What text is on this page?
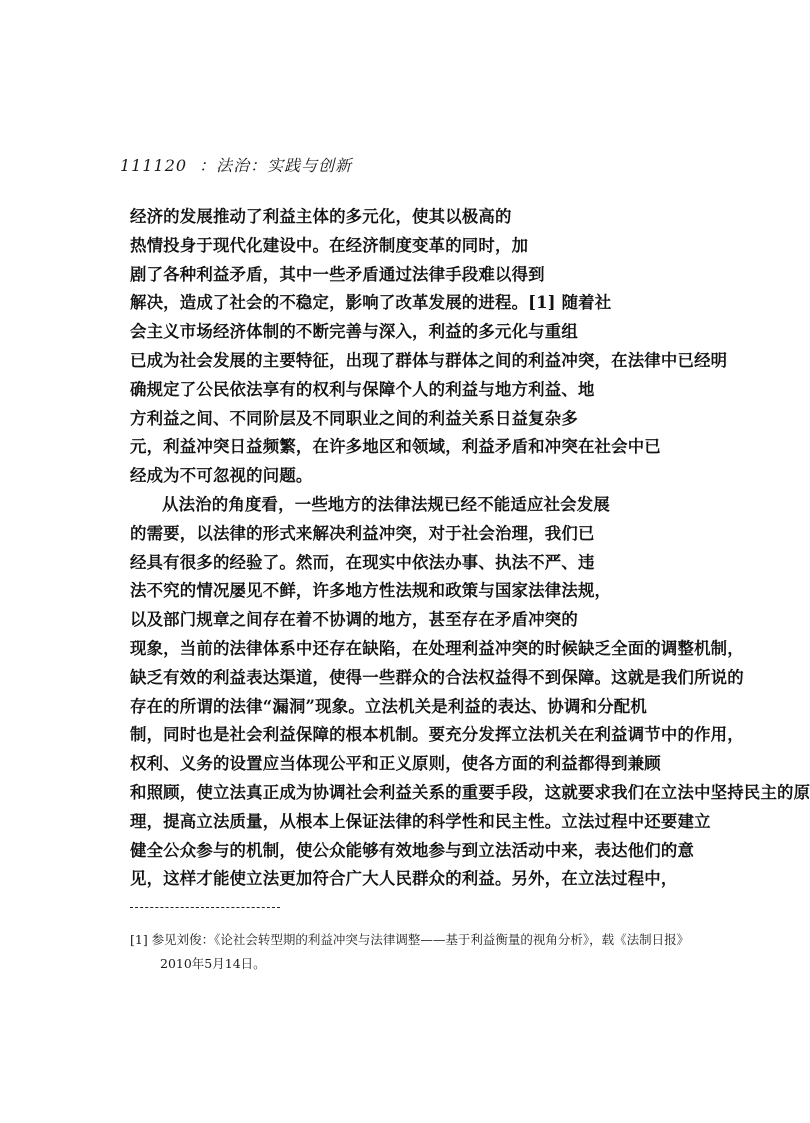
111120 ：法治：实践与创新
经济的发展推动了利益主体的多元化，使其以极高的
热情投身于现代化建设中。在经济制度变革的同时，加
剧了各种利益矛盾，其中一些矛盾通过法律手段难以得到
解决，造成了社会的不稳定，影响了改革发展的进程。[1] 随着社
会主义市场经济体制的不断完善与深入，利益的多元化与重组
已成为社会发展的主要特征，出现了群体与群体之间的利益冲突，在法律中已经明
确规定了公民依法享有的权利与保障个人的利益与地方利益、地
方利益之间、不同阶层及不同职业之间的利益关系日益复杂多
元，利益冲突日益频繁，在许多地区和领域，利益矛盾和冲突在社会中已
经成为不可忽视的问题。
从法治的角度看，一些地方的法律法规已经不能适应社会发展
的需要，以法律的形式来解决利益冲突，对于社会治理，我们已
经具有很多的经验了。然而，在现实中依法办事、执法不严、违
法不究的情况屡见不鲜，许多地方性法规和政策与国家法律法规，
以及部门规章之间存在着不协调的地方，甚至存在矛盾冲突的
现象，当前的法律体系中还存在缺陷，在处理利益冲突的时候缺乏全面的调整机制，
缺乏有效的利益表达渠道，使得一些群众的合法权益得不到保障。这就是我们所说的
存在的所谓的法律“漏洞”现象。立法机关是利益的表达、协调和分配机
制，同时也是社会利益保障的根本机制。要充分发挥立法机关在利益调节中的作用，
权利、义务的设置应当体现公平和正义原则，使各方面的利益都得到兼顾
和照顾，使立法真正成为协调社会利益关系的重要手段，这就要求我们在立法中坚持民主的原
理，提高立法质量，从根本上保证法律的科学性和民主性。立法过程中还要建立
健全公众参与的机制，使公众能够有效地参与到立法活动中来，表达他们的意
见，这样才能使立法更加符合广大人民群众的利益。另外，在立法过程中，
[1] 参见刘俊：《论社会转型期的利益冲突与法律调整——基于利益衡量的视角分析》，载《法制日报》
2010年5月14日。
